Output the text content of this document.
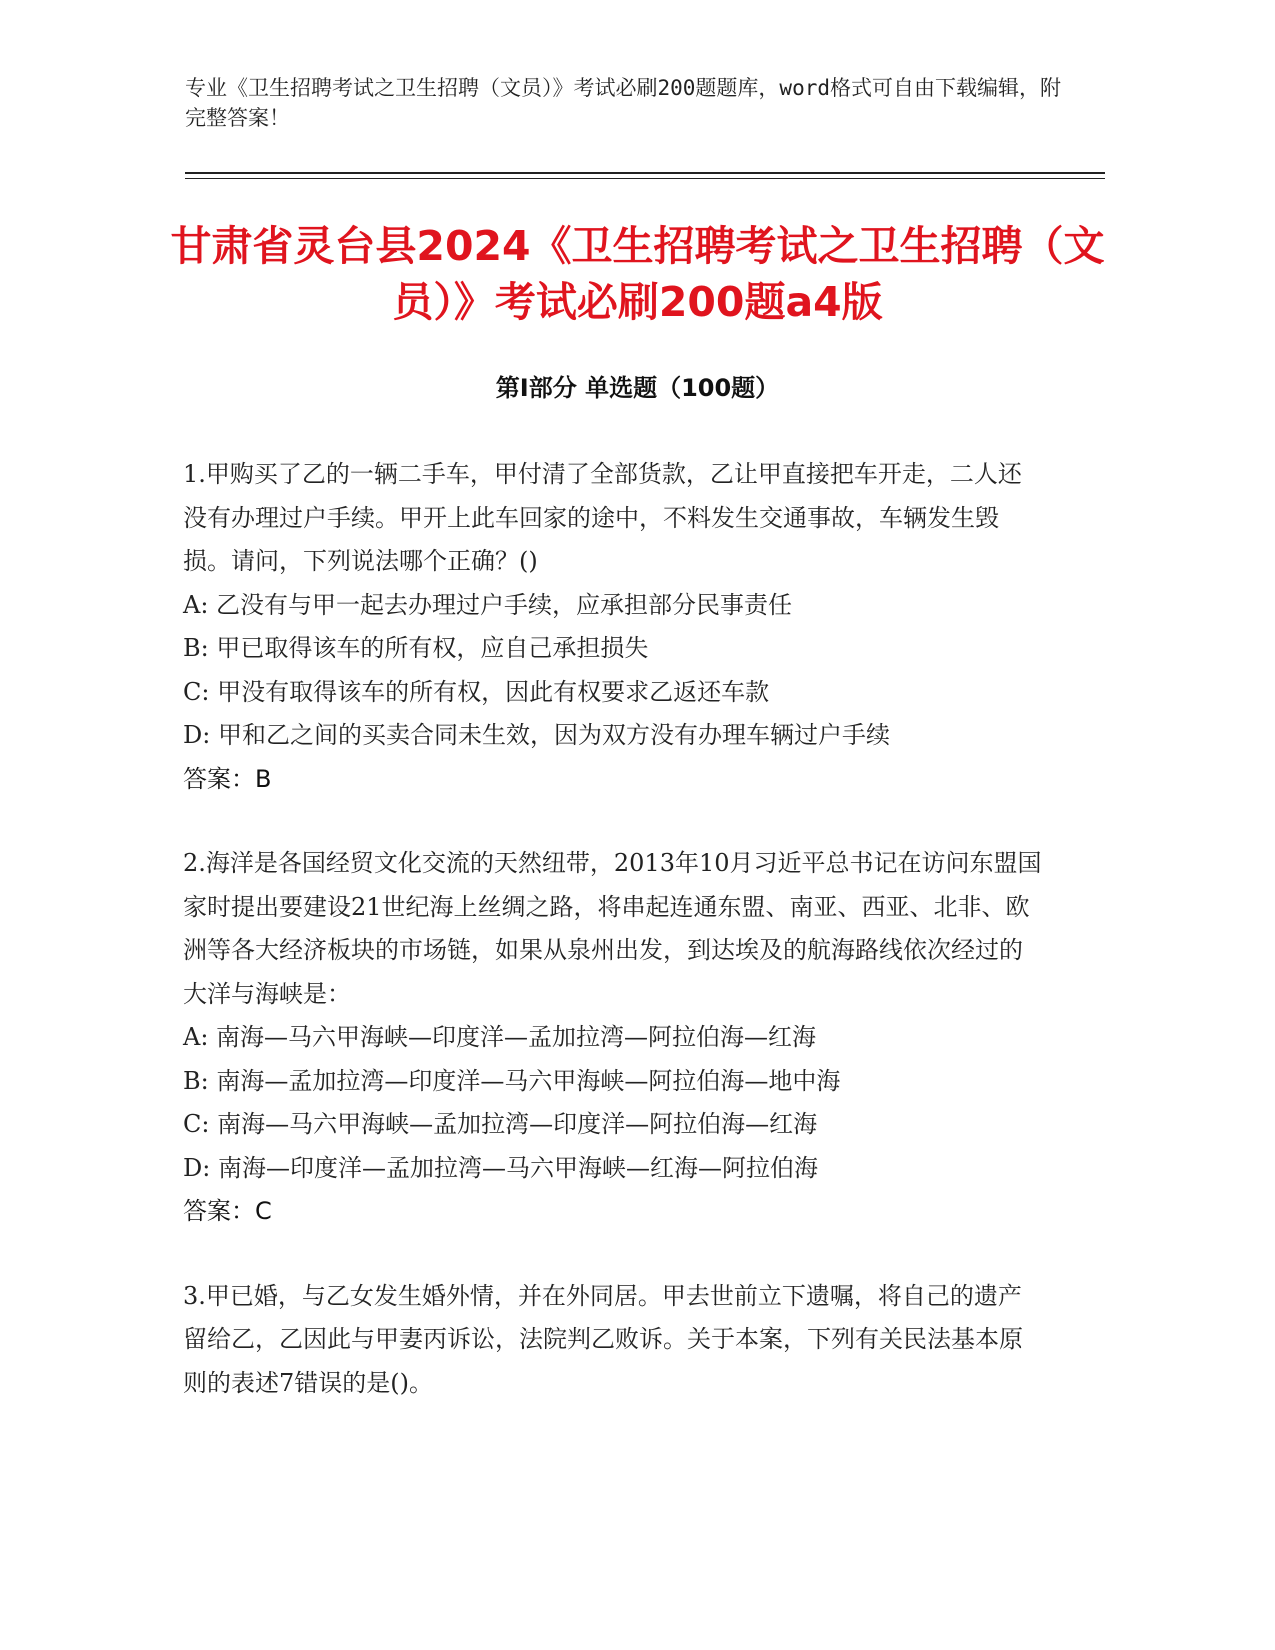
专业《卫生招聘考试之卫生招聘（文员）》考试必刷200题题库，word格式可自由下载编辑，附完整答案！

甘肃省灵台县2024《卫生招聘考试之卫生招聘（文员）》考试必刷200题a4版
第Ⅰ部分 单选题（100题）

1.甲购买了乙的一辆二手车，甲付清了全部货款，乙让甲直接把车开走，二人还没有办理过户手续。甲开上此车回家的途中，不料发生交通事故，车辆发生毁损。请问，下列说法哪个正确？()

A: 乙没有与甲一起去办理过户手续，应承担部分民事责任

B: 甲已取得该车的所有权，应自己承担损失

C: 甲没有取得该车的所有权，因此有权要求乙返还车款

D: 甲和乙之间的买卖合同未生效，因为双方没有办理车辆过户手续

答案：B

2.海洋是各国经贸文化交流的天然纽带，2013年10月习近平总书记在访问东盟国家时提出要建设21世纪海上丝绸之路，将串起连通东盟、南亚、西亚、北非、欧洲等各大经济板块的市场链，如果从泉州出发，到达埃及的航海路线依次经过的大洋与海峡是：

A: 南海—马六甲海峡—印度洋—孟加拉湾—阿拉伯海—红海

B: 南海—孟加拉湾—印度洋—马六甲海峡—阿拉伯海—地中海

C: 南海—马六甲海峡—孟加拉湾—印度洋—阿拉伯海—红海

D: 南海—印度洋—孟加拉湾—马六甲海峡—红海—阿拉伯海

答案：C

3.甲已婚，与乙女发生婚外情，并在外同居。甲去世前立下遗嘱，将自己的遗产留给乙，乙因此与甲妻丙诉讼，法院判乙败诉。关于本案，下列有关民法基本原则的表述7错误的是()。
